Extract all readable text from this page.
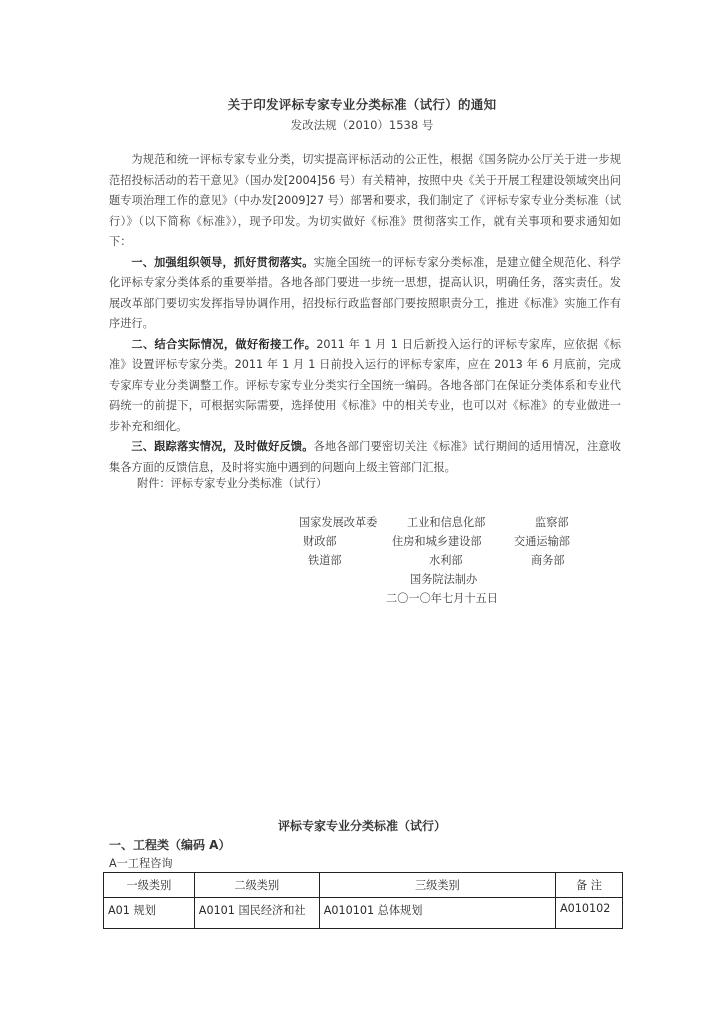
关于印发评标专家专业分类标准（试行）的通知
发改法规（2010）1538 号

为规范和统一评标专家专业分类，切实提高评标活动的公正性，根据《国务院办公厅关于进一步规范招投标活动的若干意见》（国办发[2004]56 号）有关精神，按照中央《关于开展工程建设领域突出问题专项治理工作的意见》（中办发[2009]27 号）部署和要求，我们制定了《评标专家专业分类标准（试行）》（以下简称《标准》），现予印发。为切实做好《标准》贯彻落实工作，就有关事项和要求通知如下：

一、加强组织领导，抓好贯彻落实。实施全国统一的评标专家分类标准，是建立健全规范化、科学化评标专家分类体系的重要举措。各地各部门要进一步统一思想，提高认识，明确任务，落实责任。发展改革部门要切实发挥指导协调作用，招投标行政监督部门要按照职责分工，推进《标准》实施工作有序进行。

二、结合实际情况，做好衔接工作。2011 年 1 月 1 日后新投入运行的评标专家库，应依据《标准》设置评标专家分类。2011 年 1 月 1 日前投入运行的评标专家库，应在 2013 年 6 月底前，完成专家库专业分类调整工作。评标专家专业分类实行全国统一编码。各地各部门在保证分类体系和专业代码统一的前提下，可根据实际需要，选择使用《标准》中的相关专业，也可以对《标准》的专业做进一步补充和细化。

三、跟踪落实情况，及时做好反馈。各地各部门要密切关注《标准》试行期间的适用情况，注意收集各方面的反馈信息，及时将实施中遇到的问题向上级主管部门汇报。

附件：评标专家专业分类标准（试行）
国家发展改革委	工业和信息化部	监察部
财政部	住房和城乡建设部	交通运输部
铁道部	水利部	商务部
国务院法制办
二〇一〇年七月十五日
评标专家专业分类标准（试行）
一、工程类（编码 A）
A一工程咨询
一级类别	二级类别	三级类别	备 注
A01 规划	A0101 国民经济和社	A010101 总体规划	A010102
